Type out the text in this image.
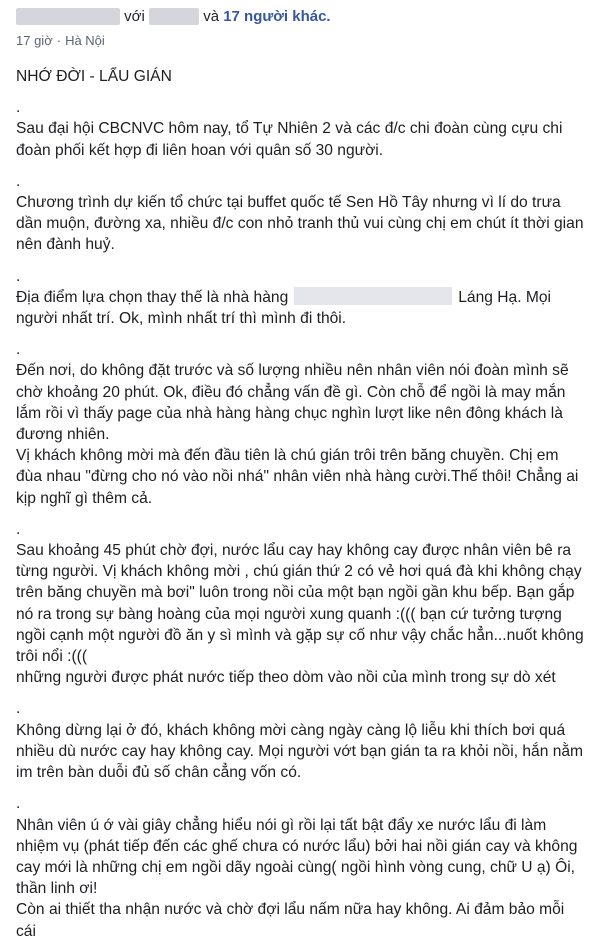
với	và 17 người khác.
17 giờ · Hà Nội

NHỚ ĐỜI - LẨU GIÁN

.
Sau đại hội CBCNVC hôm nay, tổ Tự Nhiên 2 và các đ/c chi đoàn cùng cựu chi đoàn phối kết hợp đi liên hoan với quân số 30 người.

.
Chương trình dự kiến tổ chức tại buffet quốc tế Sen Hồ Tây nhưng vì lí do trưa dần muộn, đường xa, nhiều đ/c con nhỏ tranh thủ vui cùng chị em chút ít thời gian nên đành huỷ.

.
Địa điểm lựa chọn thay thế là nhà hàng	Láng Hạ. Mọi người nhất trí. Ok, mình nhất trí thì mình đi thôi.

.
Đến nơi, do không đặt trước và số lượng nhiều nên nhân viên nói đoàn mình sẽ chờ khoảng 20 phút. Ok, điều đó chẳng vấn đề gì. Còn chỗ để ngồi là may mắn lắm rồi vì thấy page của nhà hàng hàng chục nghìn lượt like nên đông khách là đương nhiên.
Vị khách không mời mà đến đầu tiên là chú gián trôi trên băng chuyền. Chị em đùa nhau "đừng cho nó vào nồi nhá" nhân viên nhà hàng cười.Thế thôi! Chẳng ai kịp nghĩ gì thêm cả.

.
Sau khoảng 45 phút chờ đợi, nước lẩu cay hay không cay được nhân viên bê ra từng người. Vị khách không mời , chú gián thứ 2 có vẻ hơi quá đà khi không chạy trên băng chuyền mà bơi" luôn trong nồi của một bạn ngồi gần khu bếp. Bạn gắp nó ra trong sự bàng hoàng của mọi người xung quanh :((( bạn cứ tưởng tượng ngồi cạnh một người đồ ăn y sì mình và gặp sự cố như vậy chắc hẳn...nuốt không trôi nổi :(((
những người được phát nước tiếp theo dòm vào nồi của mình trong sự dò xét

.
Không dừng lại ở đó, khách không mời càng ngày càng lộ liễu khi thích bơi quá nhiều dù nước cay hay không cay. Mọi người vớt bạn gián ta ra khỏi nồi, hắn nằm im trên bàn duỗi đủ số chân cẳng vốn có.

.
Nhân viên ú ớ vài giây chẳng hiểu nói gì rồi lại tất bật đẩy xe nước lẩu đi làm nhiệm vụ (phát tiếp đến các ghế chưa có nước lẩu) bởi hai nồi gián cay và không cay mới là những chị em ngồi dãy ngoài cùng( ngồi hình vòng cung, chữ U ạ) Ôi, thần linh ơi!
Còn ai thiết tha nhận nước và chờ đợi lẩu nấm nữa hay không. Ai đảm bảo mỗi cái
